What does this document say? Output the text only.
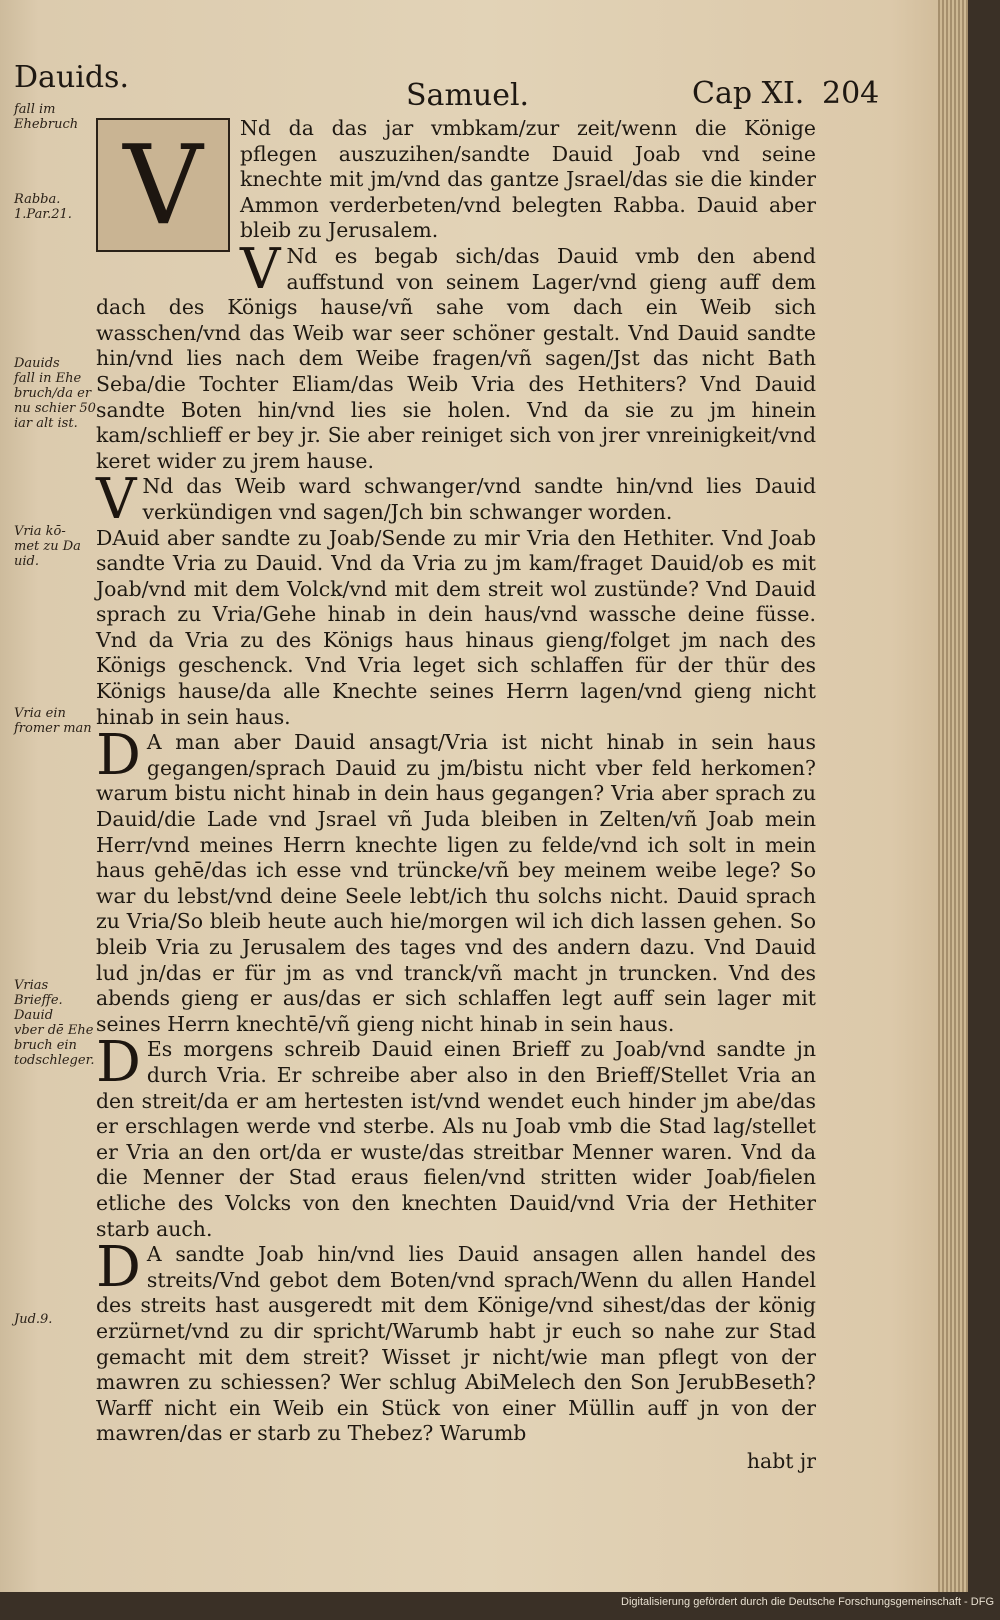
Dauids.
Samuel.	Cap XI. 204
fall im
Ehebruch
Rabba.
1.Par.21.
Dauids
fall in Ehe
bruch/da er
nu schier 50
iar alt ist.
Vria kō-
met zu Da
uid.
Vria ein
fromer man
Vrias
Brieffe.
Dauid
vber dē Ehe
bruch ein
todschleger.
Jud.9.

V	Nd da das jar vmbkam/zur zeit/wenn die Könige pflegen auszuzihen/sandte Dauid Joab vnd seine knechte mit jm/vnd das gantze Jsrael/das sie die kinder Ammon verderbeten/vnd belegten Rabba. Dauid aber bleib zu Jerusalem.

V Nd es begab sich/das Dauid vmb den abend auffstund von seinem Lager/vnd gieng auff dem dach des Königs hause/vñ sahe vom dach ein Weib sich wasschen/vnd das Weib war seer schöner gestalt. Vnd Dauid sandte hin/vnd lies nach dem Weibe fragen/vñ sagen/Jst das nicht Bath Seba/die Tochter Eliam/das Weib Vria des Hethiters? Vnd Dauid sandte Boten hin/vnd lies sie holen. Vnd da sie zu jm hinein kam/schlieff er bey jr. Sie aber reiniget sich von jrer vnreinigkeit/vnd keret wider zu jrem hause.

V Nd das Weib ward schwanger/vnd sandte hin/vnd lies Dauid verkündigen vnd sagen/Jch bin schwanger worden.

DAuid aber sandte zu Joab/Sende zu mir Vria den Hethiter. Vnd Joab sandte Vria zu Dauid. Vnd da Vria zu jm kam/fraget Dauid/ob es mit Joab/vnd mit dem Volck/vnd mit dem streit wol zustünde? Vnd Dauid sprach zu Vria/Gehe hinab in dein haus/vnd wassche deine füsse. Vnd da Vria zu des Königs haus hinaus gieng/folget jm nach des Königs geschenck. Vnd Vria leget sich schlaffen für der thür des Königs hause/da alle Knechte seines Herrn lagen/vnd gieng nicht hinab in sein haus.

D A man aber Dauid ansagt/Vria ist nicht hinab in sein haus gegangen/sprach Dauid zu jm/bistu nicht vber feld herkomen? warum bistu nicht hinab in dein haus gegangen? Vria aber sprach zu Dauid/die Lade vnd Jsrael vñ Juda bleiben in Zelten/vñ Joab mein Herr/vnd meines Herrn knechte ligen zu felde/vnd ich solt in mein haus gehē/das ich esse vnd trüncke/vñ bey meinem weibe lege? So war du lebst/vnd deine Seele lebt/ich thu solchs nicht. Dauid sprach zu Vria/So bleib heute auch hie/morgen wil ich dich lassen gehen. So bleib Vria zu Jerusalem des tages vnd des andern dazu. Vnd Dauid lud jn/das er für jm as vnd tranck/vñ macht jn truncken. Vnd des abends gieng er aus/das er sich schlaffen legt auff sein lager mit seines Herrn knechtē/vñ gieng nicht hinab in sein haus.

D Es morgens schreib Dauid einen Brieff zu Joab/vnd sandte jn durch Vria. Er schreibe aber also in den Brieff/Stellet Vria an den streit/da er am hertesten ist/vnd wendet euch hinder jm abe/das er erschlagen werde vnd sterbe. Als nu Joab vmb die Stad lag/stellet er Vria an den ort/da er wuste/das streitbar Menner waren. Vnd da die Menner der Stad eraus fielen/vnd stritten wider Joab/fielen etliche des Volcks von den knechten Dauid/vnd Vria der Hethiter starb auch.

D A sandte Joab hin/vnd lies Dauid ansagen allen handel des streits/Vnd gebot dem Boten/vnd sprach/Wenn du allen Handel des streits hast ausgeredt mit dem Könige/vnd sihest/das der könig erzürnet/vnd zu dir spricht/Warumb habt jr euch so nahe zur Stad gemacht mit dem streit? Wisset jr nicht/wie man pflegt von der mawren zu schiessen? Wer schlug AbiMelech den Son JerubBeseth? Warff nicht ein Weib ein Stück von einer Müllin auff jn von der mawren/das er starb zu Thebez? Warumb

habt jr

Digitalisierung gefördert durch die Deutsche Forschungsgemeinschaft - DFG
